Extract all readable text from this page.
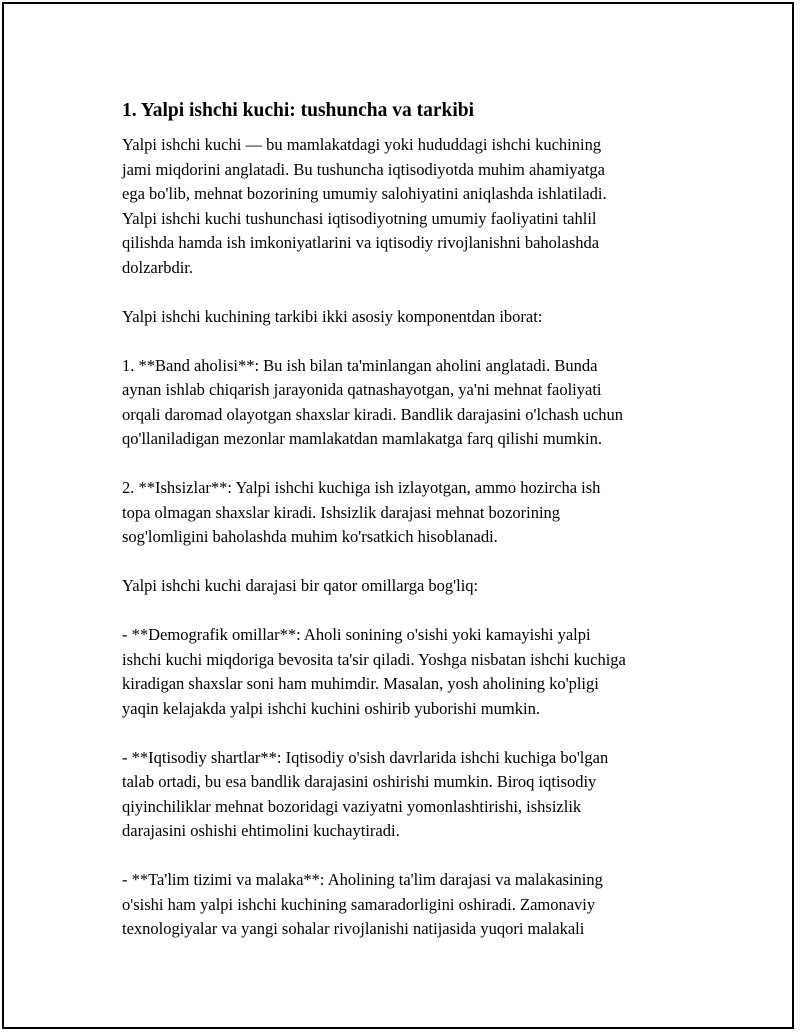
1. Yalpi ishchi kuchi: tushuncha va tarkibi
Yalpi ishchi kuchi — bu mamlakatdagi yoki hududdagi ishchi kuchining
jami miqdorini anglatadi. Bu tushuncha iqtisodiyotda muhim ahamiyatga
ega bo'lib, mehnat bozorining umumiy salohiyatini aniqlashda ishlatiladi.
Yalpi ishchi kuchi tushunchasi iqtisodiyotning umumiy faoliyatini tahlil
qilishda hamda ish imkoniyatlarini va iqtisodiy rivojlanishni baholashda
dolzarbdir.
Yalpi ishchi kuchining tarkibi ikki asosiy komponentdan iborat:
1. **Band aholisi**: Bu ish bilan ta'minlangan aholini anglatadi. Bunda
aynan ishlab chiqarish jarayonida qatnashayotgan, ya'ni mehnat faoliyati
orqali daromad olayotgan shaxslar kiradi. Bandlik darajasini o'lchash uchun
qo'llaniladigan mezonlar mamlakatdan mamlakatga farq qilishi mumkin.
2. **Ishsizlar**: Yalpi ishchi kuchiga ish izlayotgan, ammo hozircha ish
topa olmagan shaxslar kiradi. Ishsizlik darajasi mehnat bozorining
sog'lomligini baholashda muhim ko'rsatkich hisoblanadi.
Yalpi ishchi kuchi darajasi bir qator omillarga bog'liq:
- **Demografik omillar**: Aholi sonining o'sishi yoki kamayishi yalpi
ishchi kuchi miqdoriga bevosita ta'sir qiladi. Yoshga nisbatan ishchi kuchiga
kiradigan shaxslar soni ham muhimdir. Masalan, yosh aholining ko'pligi
yaqin kelajakda yalpi ishchi kuchini oshirib yuborishi mumkin.
- **Iqtisodiy shartlar**: Iqtisodiy o'sish davrlarida ishchi kuchiga bo'lgan
talab ortadi, bu esa bandlik darajasini oshirishi mumkin. Biroq iqtisodiy
qiyinchiliklar mehnat bozoridagi vaziyatni yomonlashtirishi, ishsizlik
darajasini oshishi ehtimolini kuchaytiradi.
- **Ta'lim tizimi va malaka**: Aholining ta'lim darajasi va malakasining
o'sishi ham yalpi ishchi kuchining samaradorligini oshiradi. Zamonaviy
texnologiyalar va yangi sohalar rivojlanishi natijasida yuqori malakali
